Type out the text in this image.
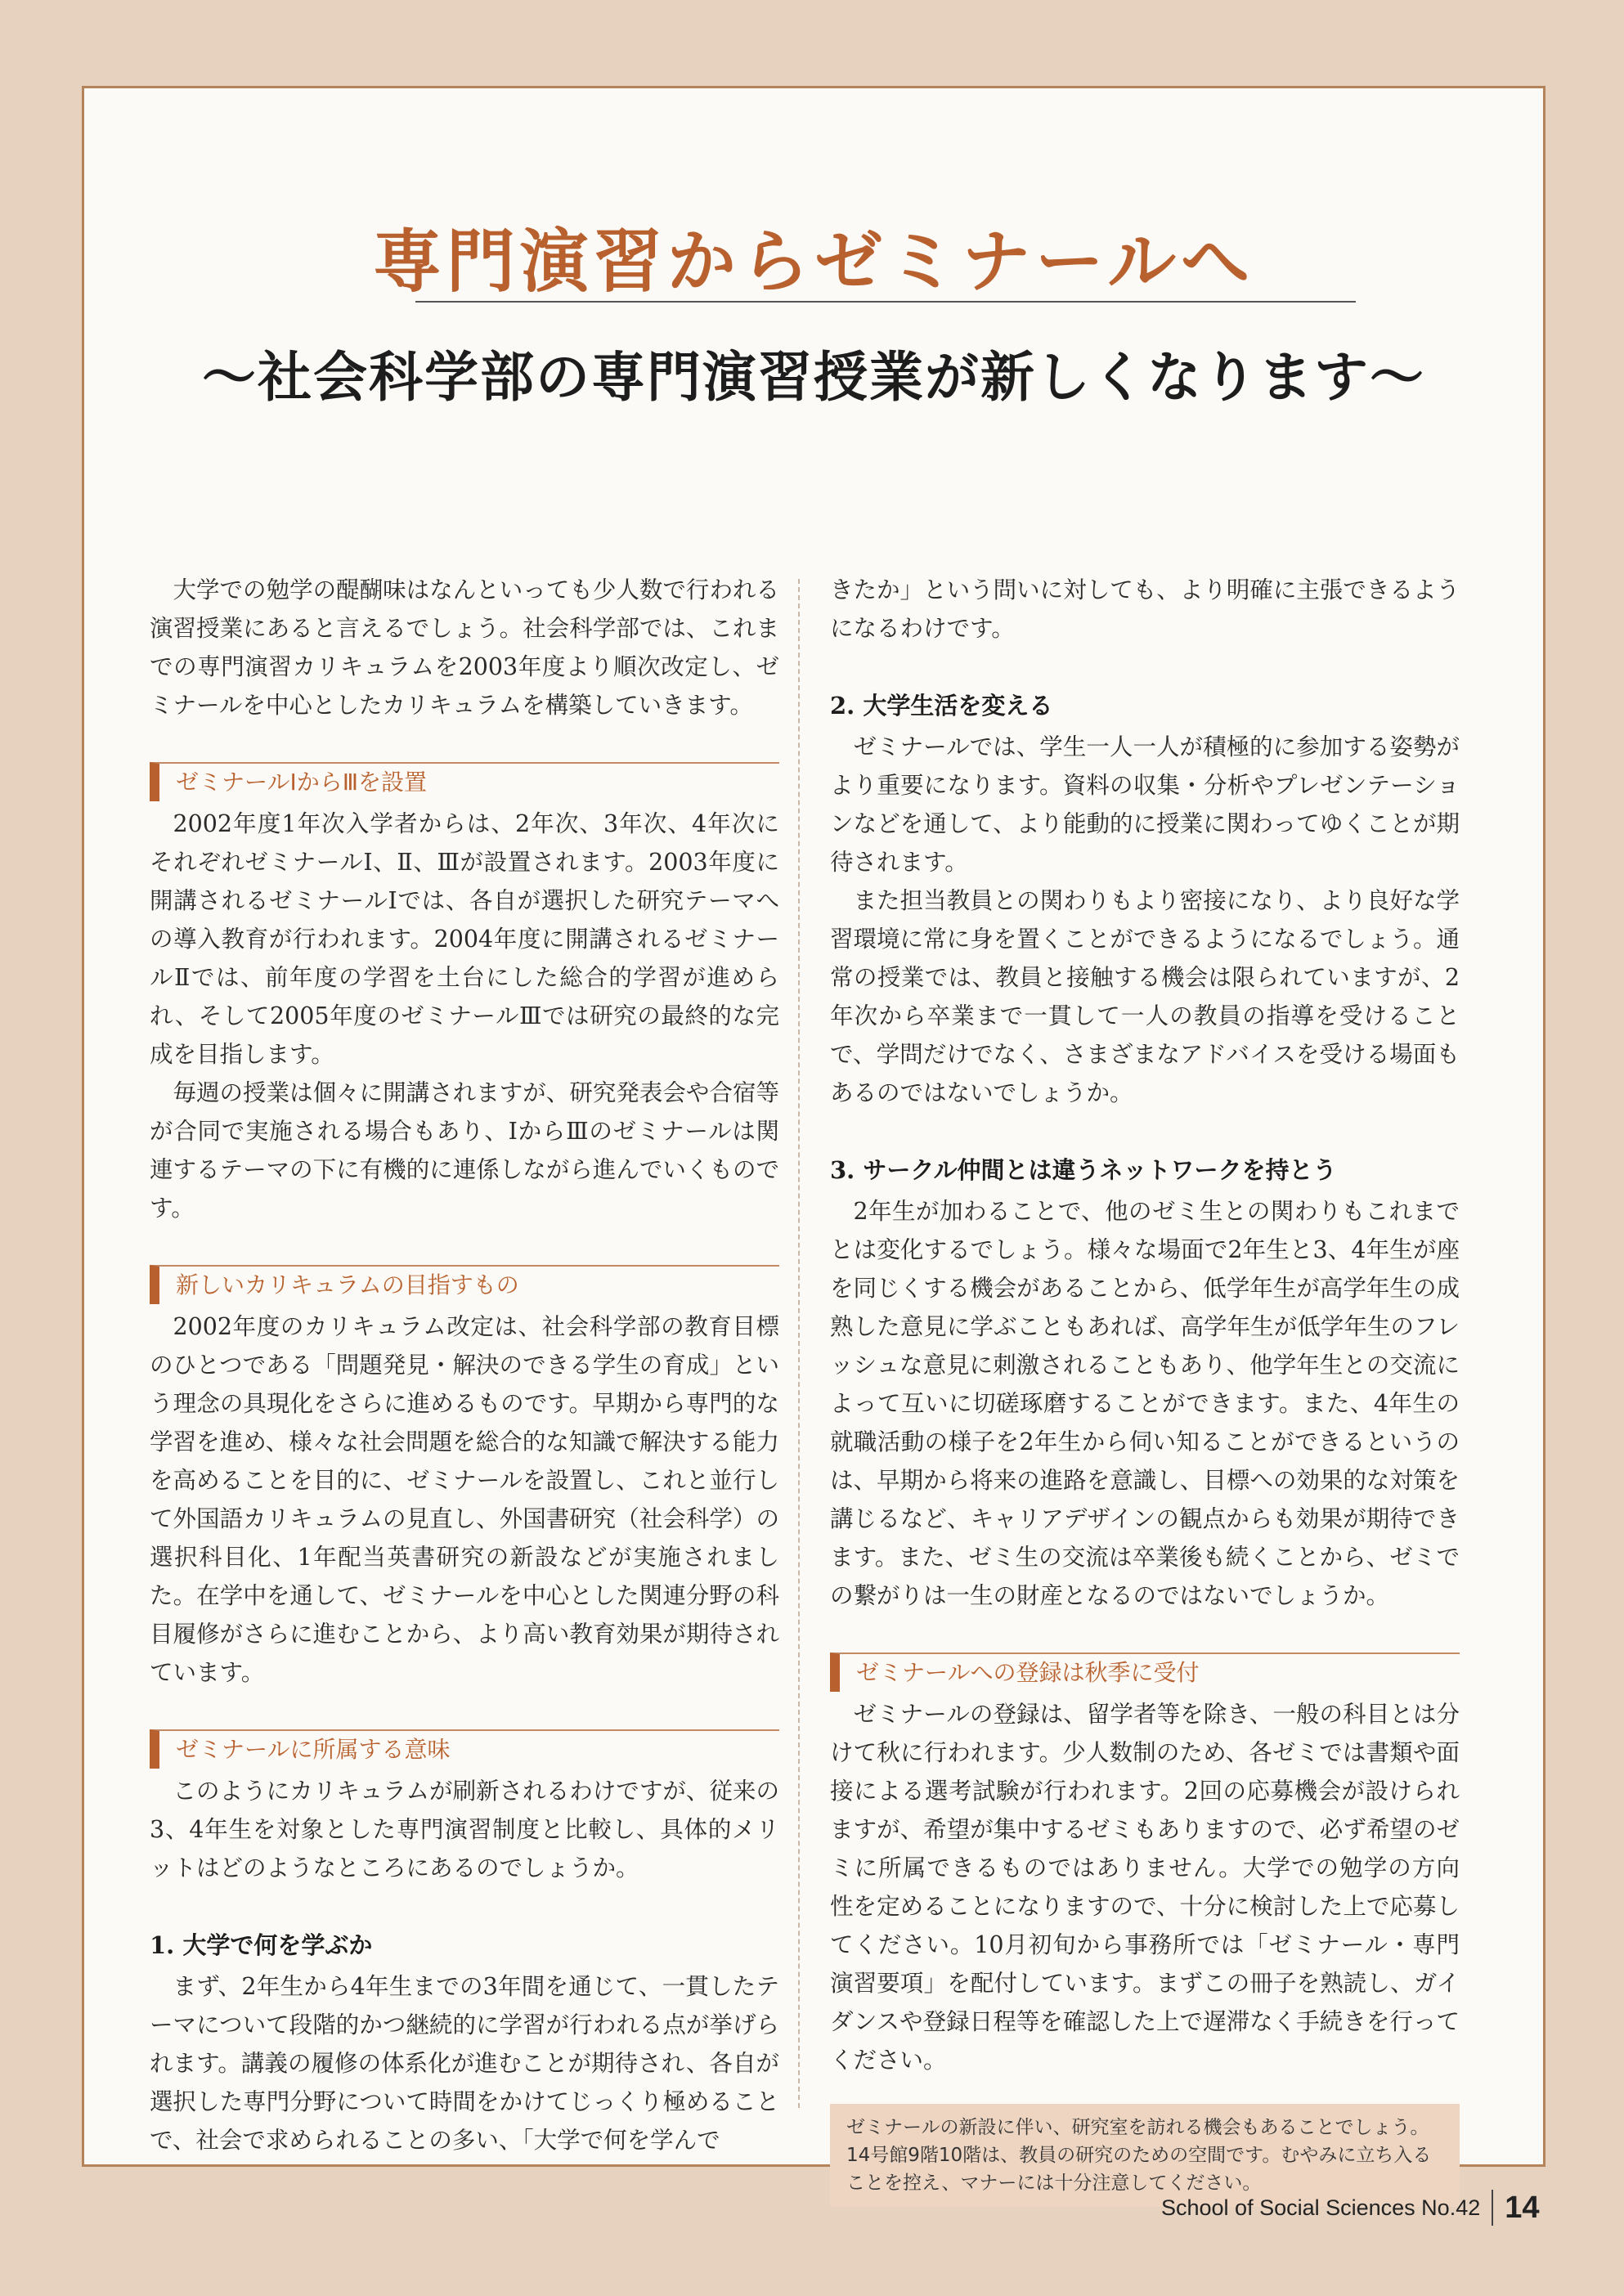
専門演習からゼミナールへ
～社会科学部の専門演習授業が新しくなります～

大学での勉学の醍醐味はなんといっても少人数で行われる演習授業にあると言えるでしょう。社会科学部では、これまでの専門演習カリキュラムを2003年度より順次改定し、ゼミナールを中心としたカリキュラムを構築していきます。

ゼミナールⅠからⅢを設置

2002年度1年次入学者からは、2年次、3年次、4年次にそれぞれゼミナールⅠ、Ⅱ、Ⅲが設置されます。2003年度に開講されるゼミナールⅠでは、各自が選択した研究テーマへの導入教育が行われます。2004年度に開講されるゼミナールⅡでは、前年度の学習を土台にした総合的学習が進められ、そして2005年度のゼミナールⅢでは研究の最終的な完成を目指します。

毎週の授業は個々に開講されますが、研究発表会や合宿等が合同で実施される場合もあり、ⅠからⅢのゼミナールは関連するテーマの下に有機的に連係しながら進んでいくものです。

新しいカリキュラムの目指すもの

2002年度のカリキュラム改定は、社会科学部の教育目標のひとつである「問題発見・解決のできる学生の育成」という理念の具現化をさらに進めるものです。早期から専門的な学習を進め、様々な社会問題を総合的な知識で解決する能力を高めることを目的に、ゼミナールを設置し、これと並行して外国語カリキュラムの見直し、外国書研究（社会科学）の選択科目化、1年配当英書研究の新設などが実施されました。在学中を通して、ゼミナールを中心とした関連分野の科目履修がさらに進むことから、より高い教育効果が期待されています。

ゼミナールに所属する意味

このようにカリキュラムが刷新されるわけですが、従来の3、4年生を対象とした専門演習制度と比較し、具体的メリットはどのようなところにあるのでしょうか。

1. 大学で何を学ぶか

まず、2年生から4年生までの3年間を通じて、一貫したテーマについて段階的かつ継続的に学習が行われる点が挙げられます。講義の履修の体系化が進むことが期待され、各自が選択した専門分野について時間をかけてじっくり極めることで、社会で求められることの多い、「大学で何を学んで

きたか」という問いに対しても、より明確に主張できるようになるわけです。

2. 大学生活を変える

ゼミナールでは、学生一人一人が積極的に参加する姿勢がより重要になります。資料の収集・分析やプレゼンテーションなどを通して、より能動的に授業に関わってゆくことが期待されます。

また担当教員との関わりもより密接になり、より良好な学習環境に常に身を置くことができるようになるでしょう。通常の授業では、教員と接触する機会は限られていますが、2年次から卒業まで一貫して一人の教員の指導を受けることで、学問だけでなく、さまざまなアドバイスを受ける場面もあるのではないでしょうか。

3. サークル仲間とは違うネットワークを持とう

2年生が加わることで、他のゼミ生との関わりもこれまでとは変化するでしょう。様々な場面で2年生と3、4年生が座を同じくする機会があることから、低学年生が高学年生の成熟した意見に学ぶこともあれば、高学年生が低学年生のフレッシュな意見に刺激されることもあり、他学年生との交流によって互いに切磋琢磨することができます。また、4年生の就職活動の様子を2年生から伺い知ることができるというのは、早期から将来の進路を意識し、目標への効果的な対策を講じるなど、キャリアデザインの観点からも効果が期待できます。また、ゼミ生の交流は卒業後も続くことから、ゼミでの繋がりは一生の財産となるのではないでしょうか。

ゼミナールへの登録は秋季に受付

ゼミナールの登録は、留学者等を除き、一般の科目とは分けて秋に行われます。少人数制のため、各ゼミでは書類や面接による選考試験が行われます。2回の応募機会が設けられますが、希望が集中するゼミもありますので、必ず希望のゼミに所属できるものではありません。大学での勉学の方向性を定めることになりますので、十分に検討した上で応募してください。10月初旬から事務所では「ゼミナール・専門演習要項」を配付しています。まずこの冊子を熟読し、ガイダンスや登録日程等を確認した上で遅滞なく手続きを行ってください。

ゼミナールの新設に伴い、研究室を訪れる機会もあることでしょう。14号館9階10階は、教員の研究のための空間です。むやみに立ち入ることを控え、マナーには十分注意してください。
School of Social Sciences No.42 14
